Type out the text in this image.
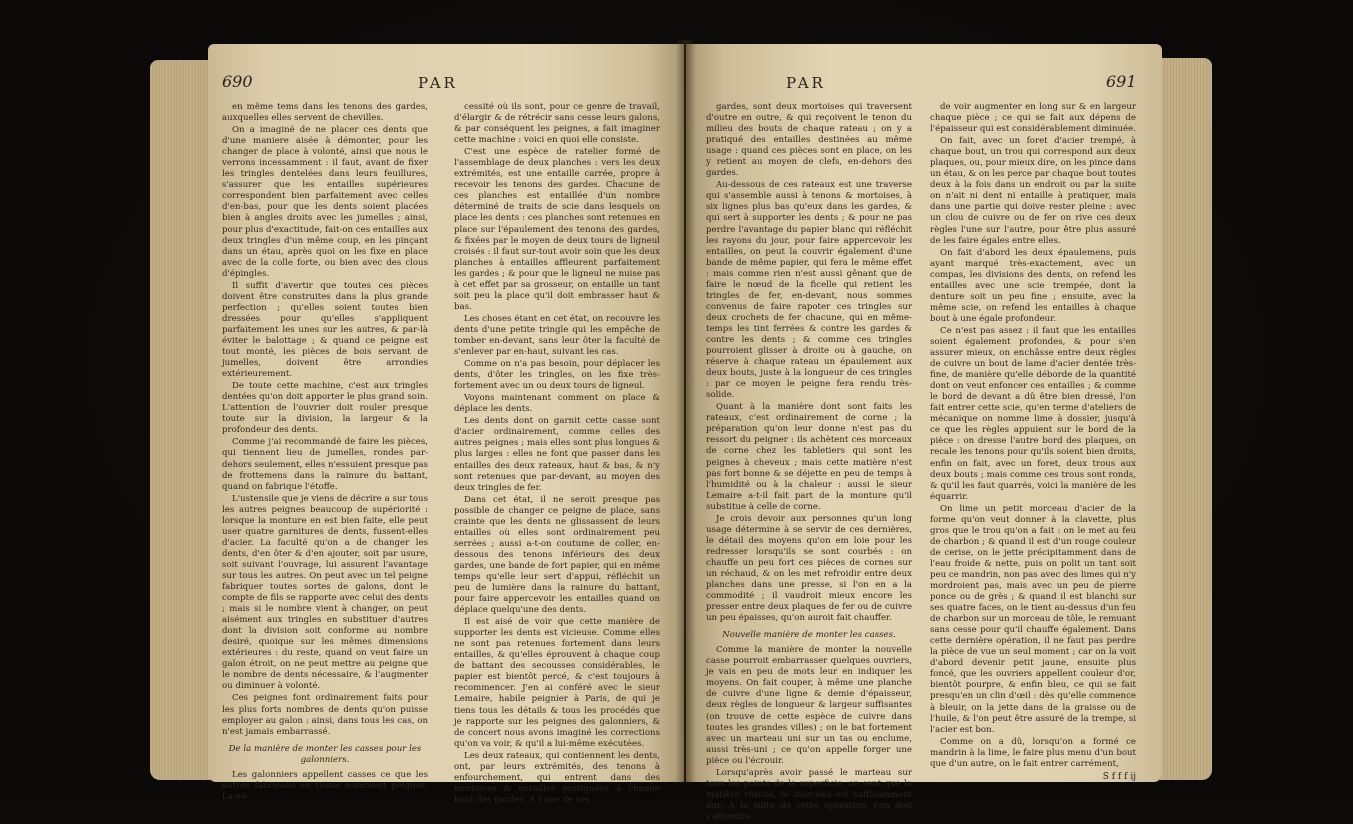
690	PAR

en même tems dans les tenons des gardes, auxquelles elles servent de chevilles.

On a imaginé de ne placer ces dents que d'une maniere aisée à démonter, pour les changer de place à volonté, ainsi que nous le verrons incessamment : il faut, avant de fixer les tringles dentelées dans leurs feuillures, s'assurer que les entailles supérieures correspondent bien parfaitement avec celles d'en-bas, pour que les dents soient placées bien à angles droits avec les jumelles ; ainsi, pour plus d'exactitude, fait-on ces entailles aux deux tringles d'un même coup, en les pinçant dans un étau, après quoi on les fixe en place avec de la colle forte, ou bien avec des clous d'épingles.

Il suffit d'avertir que toutes ces pièces doivent être construites dans la plus grande perfection ; qu'elles soient toutes bien dressées pour qu'elles s'appliquent parfaitement les unes sur les autres, & par-là éviter le balottage ; & quand ce peigne est tout monté, les pièces de bois servant de jumelles, doivent être arrondies extérieurement.

De toute cette machine, c'est aux tringles dentées qu'on doit apporter le plus grand soin. L'attention de l'ouvrier doit rouler presque toute sur la division, la largeur & la profondeur des dents.

Comme j'ai recommandé de faire les pièces, qui tiennent lieu de jumelles, rondes par-dehors seulement, elles n'essuient presque pas de frottemens dans la rainure du battant, quand on fabrique l'étoffe.

L'ustensile que je viens de décrire a sur tous les autres peignes beaucoup de supériorité : lorsque la monture en est bien faite, elle peut user quatre garnitures de dents, fussent-elles d'acier. La faculté qu'on a de changer les dents, d'en ôter & d'en ajouter, soit par usure, soit suivant l'ouvrage, lui assurent l'avantage sur tous les autres. On peut avec un tel peigne fabriquer toutes sortes de galons, dont le compte de fils se rapporte avec celui des dents ; mais si le nombre vient à changer, on peut aisément aux tringles en substituer d'autres dont la division soit conforme au nombre desiré, quoique sur les mêmes dimensions extérieures : du reste, quand on veut faire un galon étroit, on ne peut mettre au peigne que le nombre de dents nécessaire, & l'augmenter ou diminuer à volonté.

Ces peignes font ordinairement faits pour les plus forts nombres de dents qu'on puisse employer au galon : ainsi, dans tous les cas, on n'est jamais embarrassé.

De la manière de monter les casses pour les galonniers.

Les galonniers appellent casses ce que les autres fabricans en tissus nomment peignes. La né-

cessité où ils sont, pour ce genre de travail, d'élargir & de rétrécir sans cesse leurs galons, & par conséquent les peignes, a fait imaginer cette machine : voici en quoi elle consiste.

C'est une espèce de ratelier formé de l'assemblage de deux planches : vers les deux extrémités, est une entaille carrée, propre à recevoir les tenons des gardes. Chacune de ces planches est entaillée d'un nombre déterminé de traits de scie dans lesquels on place les dents : ces planches sont retenues en place sur l'épaulement des tenons des gardes, & fixées par le moyen de deux tours de ligneul croisés : il faut sur-tout avoir soin que les deux planches à entailles affleurent parfaitement les gardes ; & pour que le ligneul ne nuise pas à cet effet par sa grosseur, on entaille un tant soit peu la place qu'il doit embrasser haut & bas.

Les choses étant en cet état, on recouvre les dents d'une petite tringle qui les empêche de tomber en-devant, sans leur ôter la faculté de s'enlever par en-haut, suivant les cas.

Comme on n'a pas besoin, pour déplacer les dents, d'ôter les tringles, on les fixe très-fortement avec un ou deux tours de ligneul.

Voyons maintenant comment on place & déplace les dents.

Les dents dont on garnit cette casse sont d'acier ordinairement, comme celles des autres peignes ; mais elles sont plus longues & plus larges : elles ne font que passer dans les entailles des deux rateaux, haut & bas, & n'y sont retenues que par-devant, au moyen des deux tringles de fer.

Dans cet état, il ne seroit presque pas possible de changer ce peigne de place, sans crainte que les dents ne glissassent de leurs entailles où elles sont ordinairement peu serrées ; aussi a-t-on coutume de coller, en-dessous des tenons inférieurs des deux gardes, une bande de fort papier, qui en même temps qu'elle leur sert d'appui, réfléchit un peu de lumière dans la rainure du battant, pour faire appercevoir les entailles quand on déplace quelqu'une des dents.

Il est aisé de voir que cette manière de supporter les dents est vicieuse. Comme elles ne sont pas retenues fortement dans leurs entailles, & qu'elles éprouvent à chaque coup de battant des secousses considérables, le papier est bientôt percé, & c'est toujours à recommencer. J'en ai conféré avec le sieur Lemaire, habile peignier à Paris, de qui je tiens tous les détails & tous les procédés que je rapporte sur les peignes des galonniers, & de concert nous avons imaginé les corrections qu'on va voir, & qu'il a lui-même exécutées.

Les deux rateaux, qui contiennent les dents, ont, par leurs extrémités, des tenons à enfourchement, qui entrent dans des mortoises & entailles pratiquées à chaque bout des gardes. A l'une de ces

PAR	691

gardes, sont deux mortoises qui traversent d'outre en outre, & qui reçoivent le tenon du milieu des bouts de chaque rateau ; on y a pratiqué des entailles destinées au même usage : quand ces pièces sont en place, on les y retient au moyen de clefs, en-dehors des gardes.

Au-dessous de ces rateaux est une traverse qui s'assemble aussi à tenons & mortoises, à six lignes plus bas qu'eux dans les gardes, & qui sert à supporter les dents ; & pour ne pas perdre l'avantage du papier blanc qui réfléchit les rayons du jour, pour faire appercevoir les entailles, on peut la couvrir également d'une bande de même papier, qui fera le même effet : mais comme rien n'est aussi gênant que de faire le nœud de la ficelle qui retient les tringles de fer, en-devant, nous sommes convenus de faire rapoter ces tringles sur deux crochets de fer chacune, qui en même-temps les tint ferrées & contre les gardes & contre les dents ; & comme ces tringles pourroient glisser à droite ou à gauche, on réserve à chaque rateau un épaulement aux deux bouts, juste à la longueur de ces tringles : par ce moyen le peigne fera rendu très-solide.

Quant à la manière dont sont faits les rateaux, c'est ordinairement de corne ; la préparation qu'on leur donne n'est pas du ressort du peigner : ils achètent ces morceaux de corne chez les tabletiers qui sont les peignes à cheveux ; mais cette matière n'est pas fort bonne & se déjette en peu de temps à l'humidité ou à la chaleur : aussi le sieur Lemaire a-t-il fait part de la monture qu'il substitue à celle de corne.

Je crois devoir aux personnes qu'un long usage détermine à se servir de ces dernières, le détail des moyens qu'on em loie pour les redresser lorsqu'ils se sont courbés : on chauffe un peu fort ces pièces de cornes sur un réchaud, & on les met refroidir entre deux planches dans une presse, si l'on en a la commodité ; il vaudroit mieux encore les presser entre deux plaques de fer ou de cuivre un peu épaisses, qu'on auroit fait chauffer.

Nouvelle manière de monter les casses.

Comme la manière de monter la nouvelle casse pourroit embarrasser quelques ouvriers, je vais en peu de mots leur en indiquer les moyens. On fait couper, à même une planche de cuivre d'une ligne & demie d'épaisseur, deux règles de longueur & largeur suffisantes (on trouve de cette espèce de cuivre dans toutes les grandes villes) ; on le bat fortement avec un marteau uni sur un tas ou enclume, aussi très-uni ; ce qu'on appelle forger une pièce ou l'écrouir.

Lorsqu'après avoir passé le marteau sur tous les points de la superficie, on sent que la matière résiste, le morceau est suffisamment dur. A la suite de cette opération, l'on doit s'attendre

de voir augmenter en long sur & en largeur chaque pièce ; ce qui se fait aux dépens de l'épaisseur qui est considérablement diminuée.

On fait, avec un foret d'acier trempé, à chaque bout, un trou qui correspond aux deux plaques, ou, pour mieux dire, on les pince dans un étau, & on les perce par chaque bout toutes deux à la fois dans un endroit ou par la suite on n'ait ni dent ni entaille à pratiquer, mais dans une partie qui doive rester pleine : avec un clou de cuivre ou de fer on rive ces deux règles l'une sur l'autre, pour être plus assuré de les faire égales entre elles.

On fait d'abord les deux épaulemens, puis ayant marqué très-exactement, avec un compas, les divisions des dents, on refend les entailles avec une scie trempée, dont la denture soit un peu fine ; ensuite, avec la même scie, on refend les entailles à chaque bout à une égale profondeur.

Ce n'est pas assez : il faut que les entailles soient également profondes, & pour s'en assurer mieux, on enchâsse entre deux règles de cuivre un bout de lame d'acier dentée très-fine, de manière qu'elle déborde de la quantité dont on veut enfoncer ces entailles ; & comme le bord de devant a dû être bien dressé, l'on fait entrer cette scie, qu'en terme d'ateliers de mécanique on nomme lime à dossier, jusqu'à ce que les règles appuient sur le bord de la pièce : on dresse l'autre bord des plaques, on recale les tenons pour qu'ils soient bien droits, enfin on fait, avec un foret, deux trous aux deux bouts ; mais comme ces trous sont ronds, & qu'il les faut quarrés, voici la manière de les équarrir.

On lime un petit morceau d'acier de la forme qu'on veut donner à la clavette, plus gros que le trou qu'on a fait : on le met au feu de charbon ; & quand il est d'un rouge couleur de cerise, on le jette précipitamment dans de l'eau froide & nette, puis on polit un tant soit peu ce mandrin, non pas avec des limes qui n'y mordroient pas, mais avec un peu de pierre ponce ou de grès ; & quand il est blanchi sur ses quatre faces, on le tient au-dessus d'un feu de charbon sur un morceau de tôle, le remuant sans cesse pour qu'il chauffe également. Dans cette dernière opération, il ne faut pas perdre la pièce de vue un seul moment ; car on la voit d'abord devenir petit jaune, ensuite plus foncé, que les ouvriers appellent couleur d'or, bientôt pourpre, & enfin bleu, ce qui se fait presqu'en un clin d'œil : dès qu'elle commence à bleuir, on la jette dans de la graisse ou de l'huile, & l'on peut être assuré de la trempe, si l'acier est bon.

Comme on a dû, lorsqu'on a formé ce mandrin à la lime, le faire plus menu d'un bout que d'un autre, on le fait entrer carrément,

S f f f ij
